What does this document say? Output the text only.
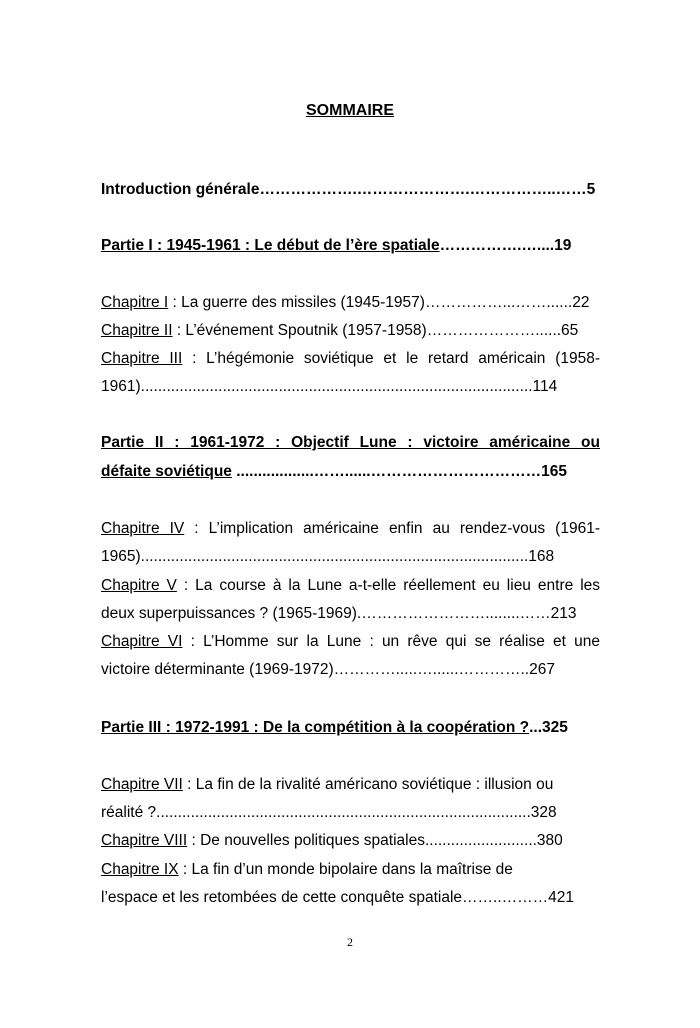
SOMMAIRE
Introduction générale……………….………………….……………..……5
Partie I : 1945-1961 : Le début de l’ère spatiale…………….…....19
Chapitre I : La guerre des missiles (1945-1957)……………...……......22
Chapitre II : L’événement Spoutnik (1957-1958)…………………......65
Chapitre III : L’hégémonie soviétique et le retard américain (1958-
1961)...........................................................................................114
Partie II : 1961-1972 : Objectif Lune : victoire américaine ou
défaite soviétique ..................……......……………………………165
Chapitre IV : L’implication américaine enfin au rendez-vous (1961-
1965)..........................................................................................168
Chapitre V : La course à la Lune a-t-elle réellement eu lieu entre les
deux superpuissances ? (1965-1969).……………………........……213
Chapitre VI : L’Homme sur la Lune : un rêve qui se réalise et une
victoire déterminante (1969-1972)………….....…......…………..267
Partie III : 1972-1991 : De la compétition à la coopération ?...325
Chapitre VII : La fin de la rivalité américano soviétique : illusion ou
réalité ?.......................................................................................328
Chapitre VIII : De nouvelles politiques spatiales..........................380
Chapitre IX : La fin d’un monde bipolaire dans la maîtrise de
l’espace et les retombées de cette conquête spatiale……..………421
2
